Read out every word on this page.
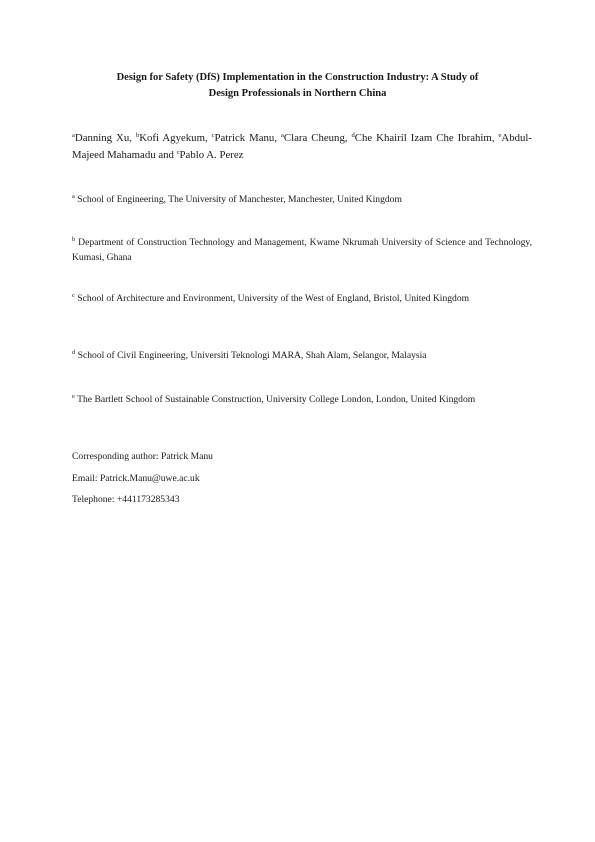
Design for Safety (DfS) Implementation in the Construction Industry: A Study of
Design Professionals in Northern China
$^a$Danning Xu, $^b$Kofi Agyekum, $^c$Patrick Manu, $^a$Clara Cheung, $^d$Che Khairil Izam Che Ibrahim, $^e$Abdul-Majeed Mahamadu and $^c$Pablo A. Perez
$^a$ School of Engineering, The University of Manchester, Manchester, United Kingdom
$^b$ Department of Construction Technology and Management, Kwame Nkrumah University of Science and Technology, Kumasi, Ghana
$^c$ School of Architecture and Environment, University of the West of England, Bristol, United Kingdom
$^d$ School of Civil Engineering, Universiti Teknologi MARA, Shah Alam, Selangor, Malaysia
$^e$ The Bartlett School of Sustainable Construction, University College London, London, United Kingdom
Corresponding author: Patrick Manu
Email: Patrick.Manu@uwe.ac.uk
Telephone: +441173285343
